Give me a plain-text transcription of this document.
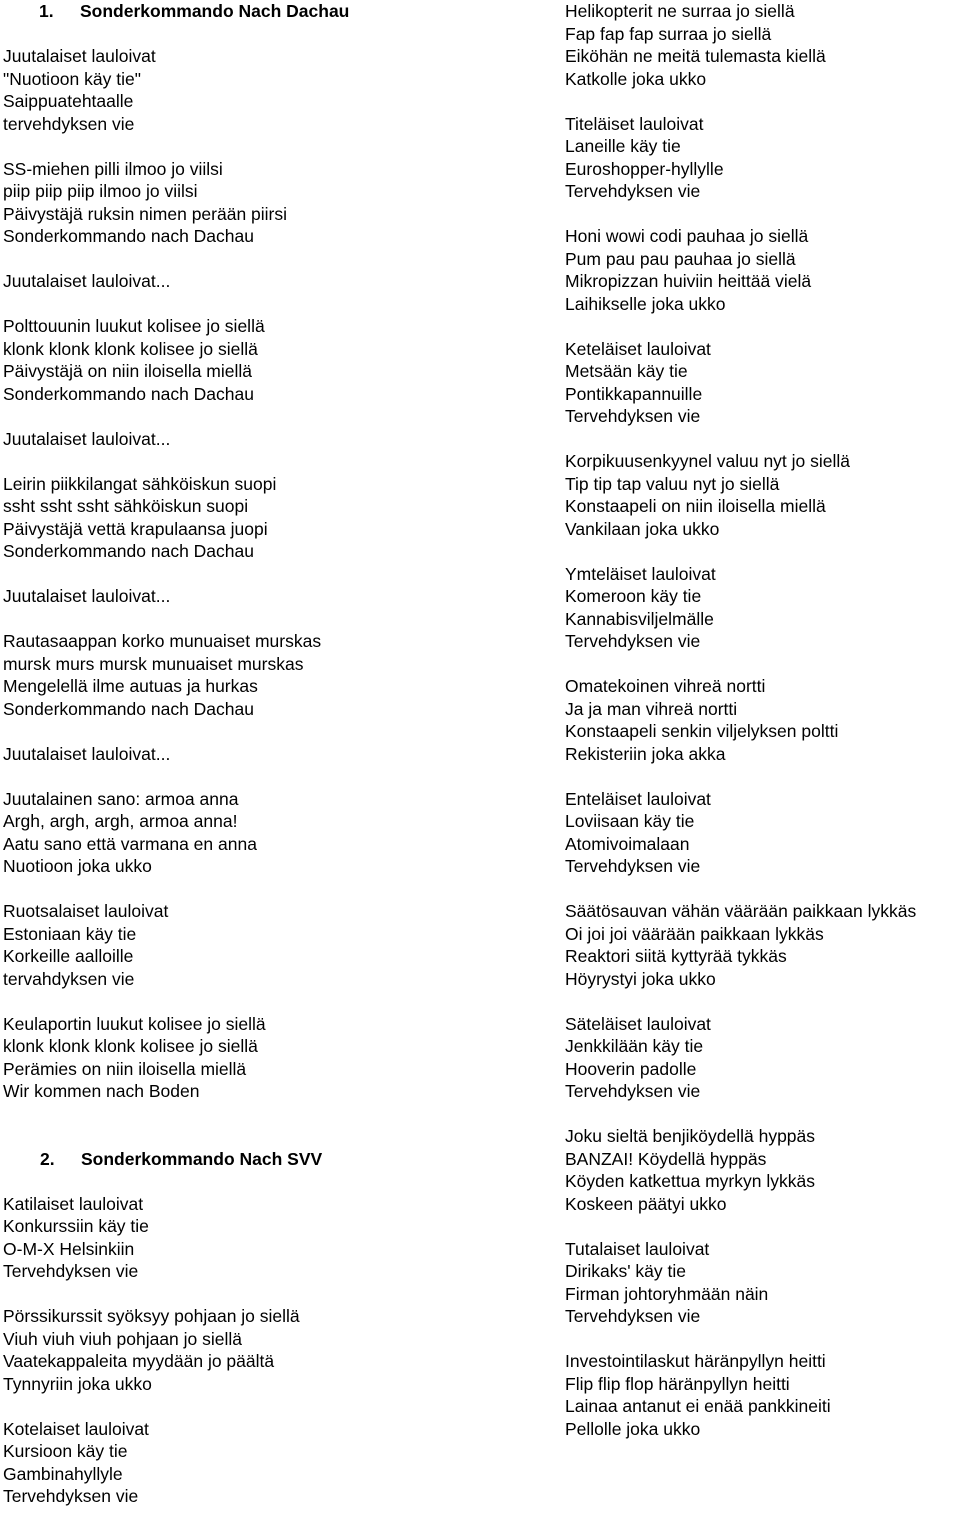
1. Sonderkommando Nach Dachau
Juutalaiset lauloivat
"Nuotioon käy tie"
Saippuatehtaalle
tervehdyksen vie
SS-miehen pilli ilmoo jo viilsi
piip piip piip ilmoo jo viilsi
Päivystäjä ruksin nimen perään piirsi
Sonderkommando nach Dachau
Juutalaiset lauloivat...
Polttouunin luukut kolisee jo siellä
klonk klonk klonk kolisee jo siellä
Päivystäjä on niin iloisella miellä
Sonderkommando nach Dachau
Juutalaiset lauloivat...
Leirin piikkilangat sähköiskun suopi
ssht ssht ssht sähköiskun suopi
Päivystäjä vettä krapulaansa juopi
Sonderkommando nach Dachau
Juutalaiset lauloivat...
Rautasaappan korko munuaiset murskas
mursk murs mursk munuaiset murskas
Mengelellä ilme autuas ja hurkas
Sonderkommando nach Dachau
Juutalaiset lauloivat...
Juutalainen sano: armoa anna
Argh, argh, argh, armoa anna!
Aatu sano että varmana en anna
Nuotioon joka ukko
Ruotsalaiset lauloivat
Estoniaan käy tie
Korkeille aalloille
tervahdyksen vie
Keulaportin luukut kolisee jo siellä
klonk klonk klonk kolisee jo siellä
Perämies on niin iloisella miellä
Wir kommen nach Boden
2. Sonderkommando Nach SVV
Katilaiset lauloivat
Konkurssiin käy tie
O-M-X Helsinkiin
Tervehdyksen vie
Pörssikurssit syöksyy pohjaan jo siellä
Viuh viuh viuh pohjaan jo siellä
Vaatekappaleita myydään jo päältä
Tynnyriin joka ukko
Kotelaiset lauloivat
Kursioon käy tie
Gambinahyllyle
Tervehdyksen vie
Helikopterit ne surraa jo siellä
Fap fap fap surraa jo siellä
Eiköhän ne meitä tulemasta kiellä
Katkolle joka ukko
Titeläiset lauloivat
Laneille käy tie
Euroshopper-hyllylle
Tervehdyksen vie
Honi wowi codi pauhaa jo siellä
Pum pau pau pauhaa jo siellä
Mikropizzan huiviin heittää vielä
Laihikselle joka ukko
Keteläiset lauloivat
Metsään käy tie
Pontikkapannuille
Tervehdyksen vie
Korpikuusenkyynel valuu nyt jo siellä
Tip tip tap valuu nyt jo siellä
Konstaapeli on niin iloisella miellä
Vankilaan joka ukko
Ymteläiset lauloivat
Komeroon käy tie
Kannabisviljelmälle
Tervehdyksen vie
Omatekoinen vihreä nortti
Ja ja man vihreä nortti
Konstaapeli senkin viljelyksen poltti
Rekisteriin joka akka
Enteläiset lauloivat
Loviisaan käy tie
Atomivoimalaan
Tervehdyksen vie
Säätösauvan vähän väärään paikkaan lykkäs
Oi joi joi väärään paikkaan lykkäs
Reaktori siitä kyttyrää tykkäs
Höyrystyi joka ukko
Säteläiset lauloivat
Jenkkilään käy tie
Hooverin padolle
Tervehdyksen vie
Joku sieltä benjiköydellä hyppäs
BANZAI! Köydellä hyppäs
Köyden katkettua myrkyn lykkäs
Koskeen päätyi ukko
Tutalaiset lauloivat
Dirikaks' käy tie
Firman johtoryhmään näin
Tervehdyksen vie
Investointilaskut häränpyllyn heitti
Flip flip flop häränpyllyn heitti
Lainaa antanut ei enää pankkineiti
Pellolle joka ukko
